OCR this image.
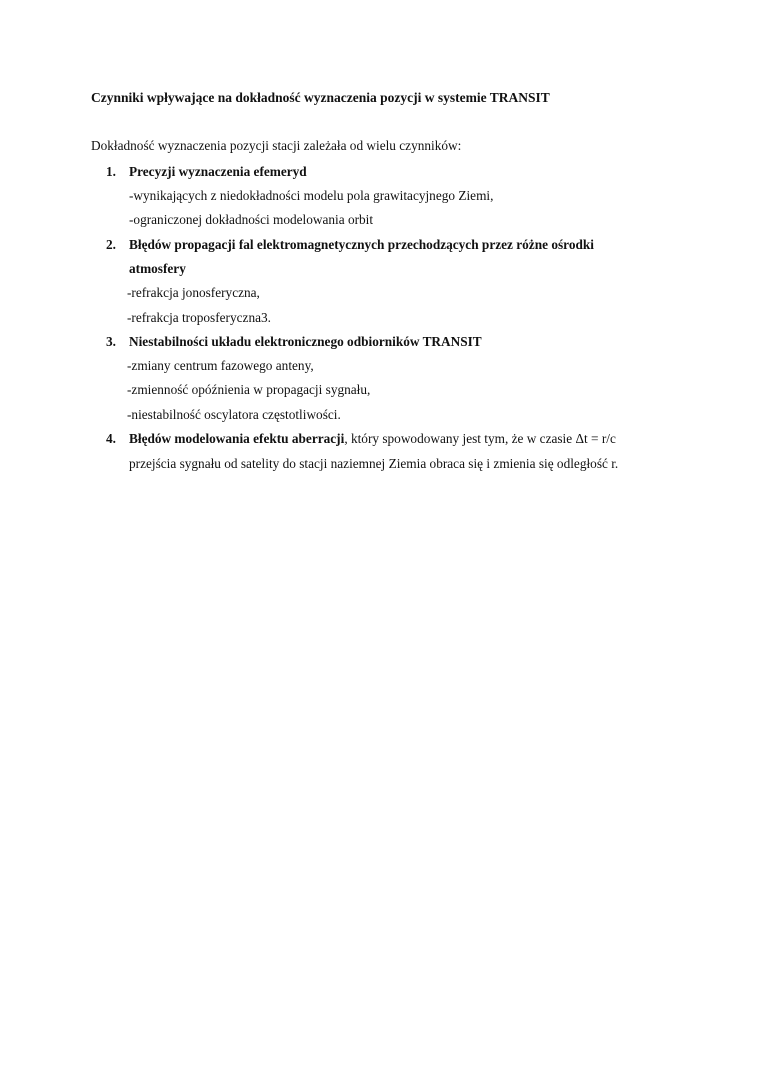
Czynniki wpływające na dokładność wyznaczenia pozycji w systemie TRANSIT
Dokładność wyznaczenia pozycji stacji zależała od wielu czynników:
1. Precyzji wyznaczenia efemeryd
-wynikających z niedokładności modelu pola grawitacyjnego Ziemi,
-ograniczonej dokładności modelowania orbit
2. Błędów propagacji fal elektromagnetycznych przechodzących przez różne ośrodki
atmosfery
-refrakcja jonosferyczna,
-refrakcja troposferyczna3.
3. Niestabilności układu elektronicznego odbiorników TRANSIT
-zmiany centrum fazowego anteny,
-zmienność opóźnienia w propagacji sygnału,
-niestabilność oscylatora częstotliwości.
4. Błędów modelowania efektu aberracji, który spowodowany jest tym, że w czasie Δt = r/c
przejścia sygnału od satelity do stacji naziemnej Ziemia obraca się i zmienia się odległość r.
